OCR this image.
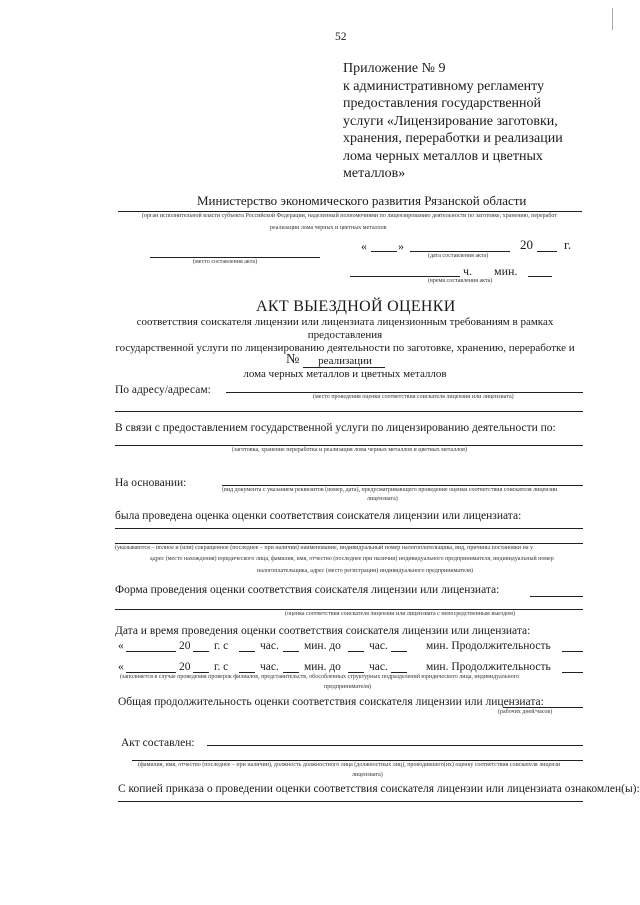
52
Приложение № 9
к административному регламенту
предоставления государственной
услуги «Лицензирование заготовки,
хранения, переработки и реализации
лома черных металлов и цветных
металлов»
Министерство экономического развития Рязанской области
(орган исполнительной власти субъекта Российской Федерации, наделенный полномочиями по лицензированию деятельности по заготовке, хранению, переработ
реализации лома черных и цветных металлов
(место составления акта)
«	»	20 г.
(дата составления акта)
ч. мин.
(время составления акта)
АКТ ВЫЕЗДНОЙ ОЦЕНКИ
соответствия соискателя лицензии или лицензиата лицензионным требованиям в рамках предоставления
государственной услуги по лицензированию деятельности по заготовке, хранению, переработке и реализации
лома черных металлов и цветных металлов
№
По адресу/адресам:
(место проведения оценки соответствия соискателя лицензии или лицензиата)
В связи с предоставлением государственной услуги по лицензированию деятельности по:
(заготовка, хранение переработка и реализация лома черных металлов и цветных металлов)
На основании:
(вид документа с указанием реквизитов (номер, дата), предусматривающего проведение оценки соответствия соискателя лицензии
лицензиата)
была проведена оценка оценки соответствия соискателя лицензии или лицензиата:
(указываются – полное и (или) сокращенное (последнее – при наличии) наименование, индивидуальный номер налогоплательщика, вид, причины постановки на у
адрес (место нахождения) юридического лица, фамилия, имя, отчество (последнее при наличии) индивидуального предпринимателя, индивидуальный номер
налогоплательщика, адрес (место регистрации) индивидуального предпринимателя)
Форма проведения оценки соответствия соискателя лицензии или лицензиата:
(оценка соответствия соискателя лицензии или лицензиата с непосредственным выездом)
Дата и время проведения оценки соответствия соискателя лицензии или лицензиата:
«	20 г. с	час. мин. до час.	мин. Продолжительность
«	20 г. с	час. мин. до час.	мин. Продолжительность
(заполняется в случае проведения проверок филиалов, представительств, обособленных структурных подразделений юридического лица, индивидуального
предпринимателя)
Общая продолжительность оценки соответствия соискателя лицензии или лицензиата:
(рабочих дней/часов)
Акт составлен:
(фамилия, имя, отчество (последнее – при наличии), должность должностного лица (должностных лиц), проводившего(их) оценку соответствия соискателя лицензи
лицензиата)
С копией приказа о проведении оценки соответствия соискателя лицензии или лицензиата ознакомлен(ы):
